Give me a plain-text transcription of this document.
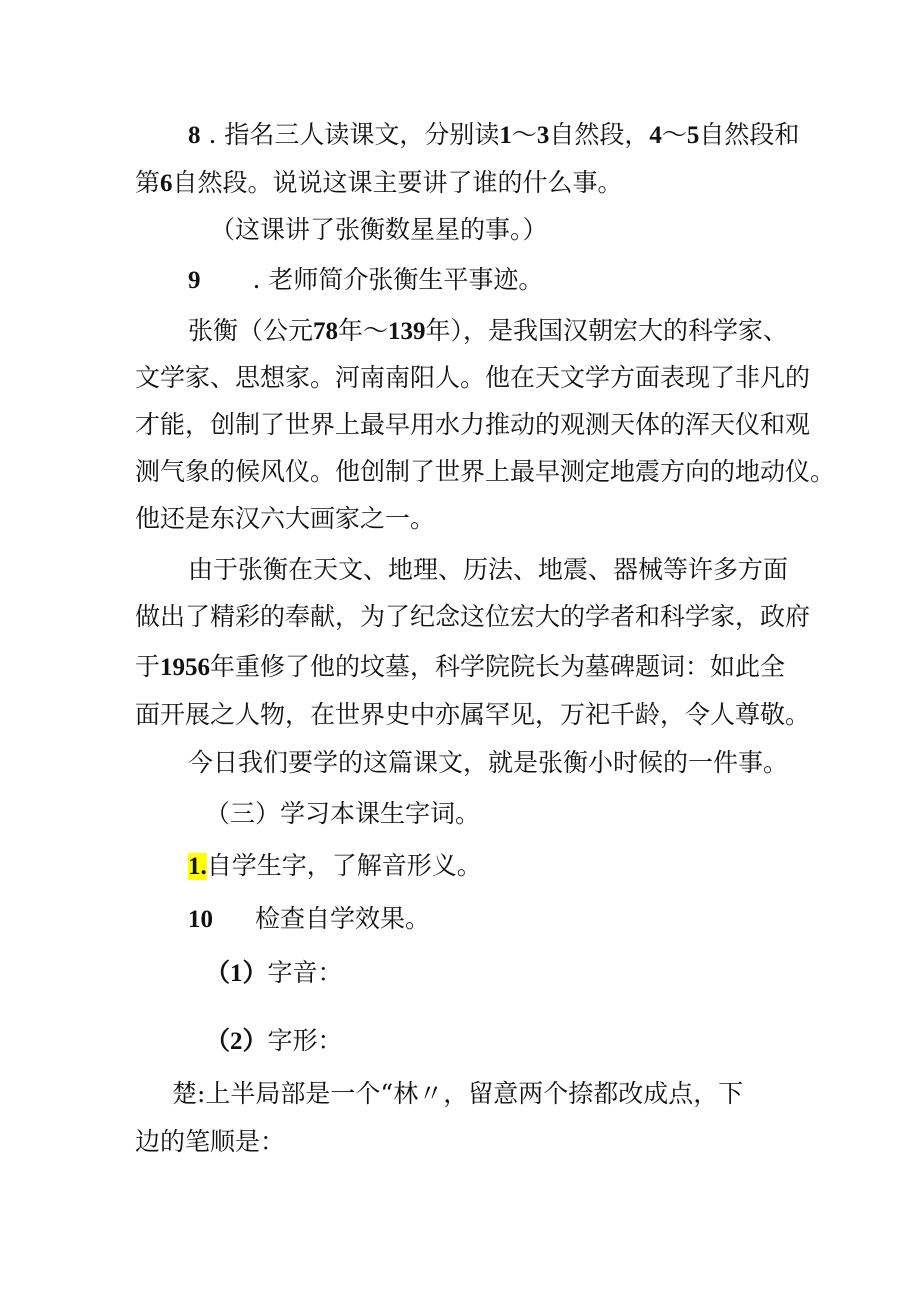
8 . 指名三人读课文，分别读1～3自然段，4～5自然段和
第6自然段。说说这课主要讲了谁的什么事。
（这课讲了张衡数星星的事。）
9 . 老师简介张衡生平事迹。
张衡（公元78年～139年），是我国汉朝宏大的科学家、
文学家、思想家。河南南阳人。他在天文学方面表现了非凡的
才能，创制了世界上最早用水力推动的观测天体的浑天仪和观
测气象的候风仪。他创制了世界上最早测定地震方向的地动仪。
他还是东汉六大画家之一。
由于张衡在天文、地理、历法、地震、器械等许多方面
做出了精彩的奉献，为了纪念这位宏大的学者和科学家，政府
于1956年重修了他的坟墓，科学院院长为墓碑题词：如此全
面开展之人物，在世界史中亦属罕见，万祀千龄，令人尊敬。
今日我们要学的这篇课文，就是张衡小时候的一件事。
（三）学习本课生字词。
1.自学生字，了解音形义。
10 检查自学效果。
（1）字音：
（2）字形：
楚:上半局部是一个“林〃，留意两个捺都改成点，下
边的笔顺是：
